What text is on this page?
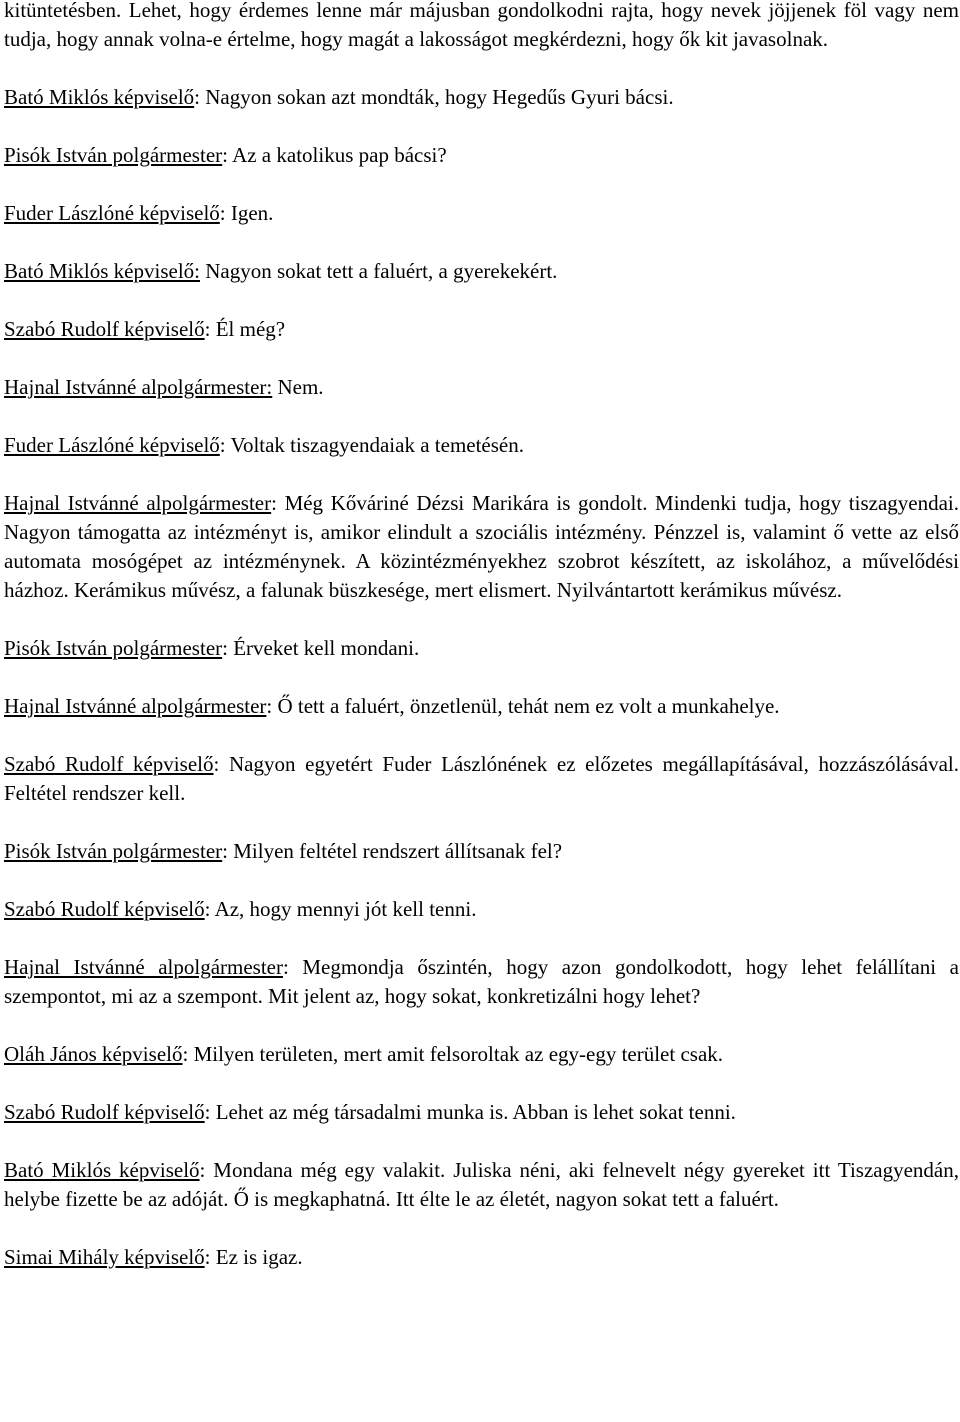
kitüntetésben. Lehet, hogy érdemes lenne már májusban gondolkodni rajta, hogy nevek jöjjenek föl vagy nem tudja, hogy annak volna-e értelme, hogy magát a lakosságot megkérdezni, hogy ők kit javasolnak.

Bató Miklós képviselő: Nagyon sokan azt mondták, hogy Hegedűs Gyuri bácsi.

Pisók István polgármester: Az a katolikus pap bácsi?

Fuder Lászlóné képviselő: Igen.

Bató Miklós képviselő: Nagyon sokat tett a faluért, a gyerekekért.

Szabó Rudolf képviselő: Él még?

Hajnal Istvánné alpolgármester: Nem.

Fuder Lászlóné képviselő: Voltak tiszagyendaiak a temetésén.

Hajnal Istvánné alpolgármester: Még Kőváriné Dézsi Marikára is gondolt. Mindenki tudja, hogy tiszagyendai. Nagyon támogatta az intézményt is, amikor elindult a szociális intézmény. Pénzzel is, valamint ő vette az első automata mosógépet az intézménynek. A közintézményekhez szobrot készített, az iskolához, a művelődési házhoz. Kerámikus művész, a falunak büszkesége, mert elismert. Nyilvántartott kerámikus művész.

Pisók István polgármester: Érveket kell mondani.

Hajnal Istvánné alpolgármester: Ő tett a faluért, önzetlenül, tehát nem ez volt a munkahelye.

Szabó Rudolf képviselő: Nagyon egyetért Fuder Lászlónének ez előzetes megállapításával, hozzászólásával. Feltétel rendszer kell.

Pisók István polgármester: Milyen feltétel rendszert állítsanak fel?

Szabó Rudolf képviselő: Az, hogy mennyi jót kell tenni.

Hajnal Istvánné alpolgármester: Megmondja őszintén, hogy azon gondolkodott, hogy lehet felállítani a szempontot, mi az a szempont. Mit jelent az, hogy sokat, konkretizálni hogy lehet?

Oláh János képviselő: Milyen területen, mert amit felsoroltak az egy-egy terület csak.

Szabó Rudolf képviselő: Lehet az még társadalmi munka is. Abban is lehet sokat tenni.

Bató Miklós képviselő: Mondana még egy valakit. Juliska néni, aki felnevelt négy gyereket itt Tiszagyendán, helybe fizette be az adóját. Ő is megkaphatná. Itt élte le az életét, nagyon sokat tett a faluért.

Simai Mihály képviselő: Ez is igaz.
